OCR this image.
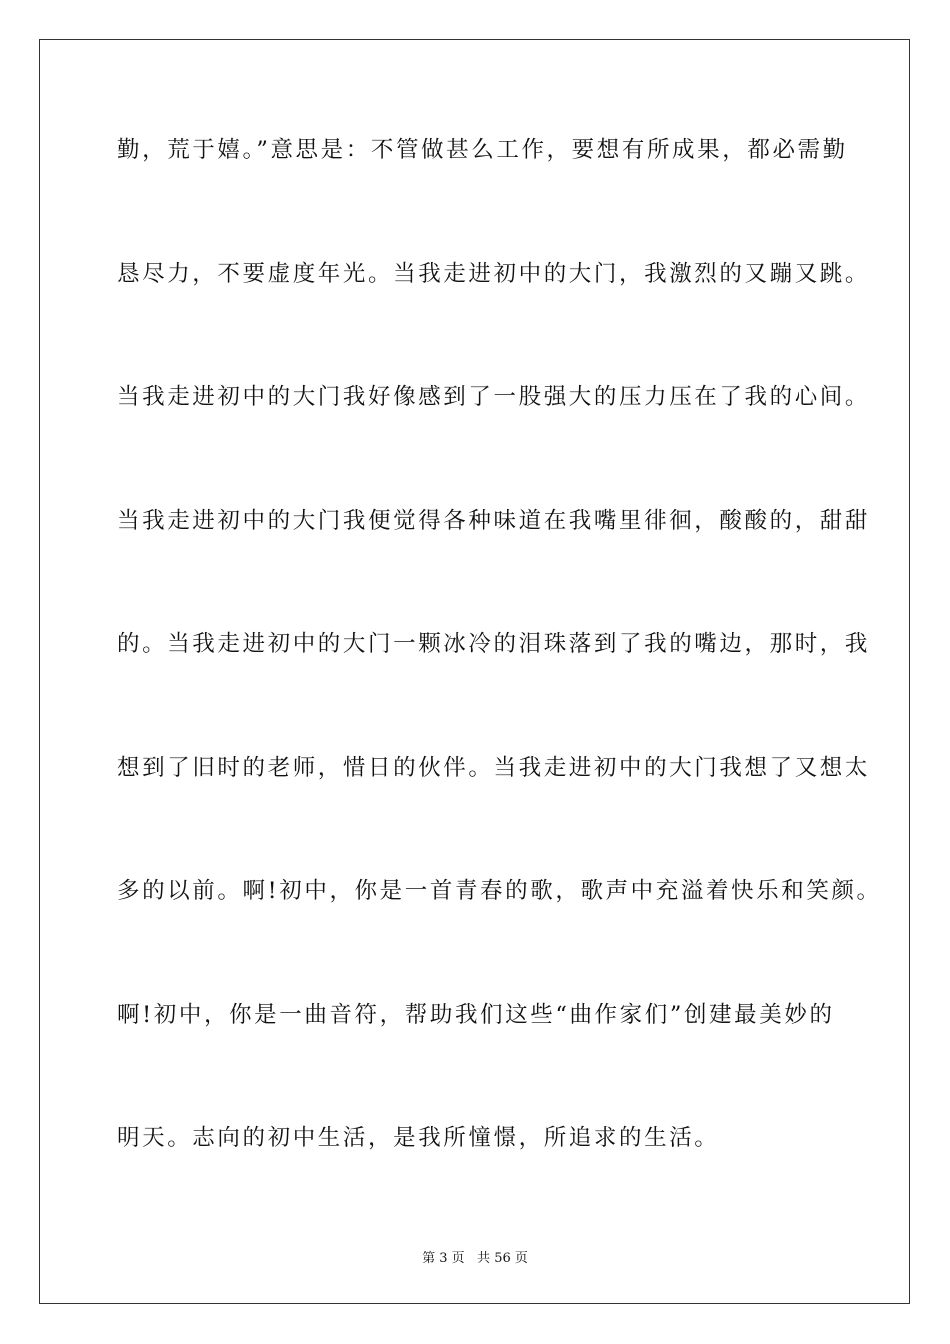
勤，荒于嬉。”意思是：不管做甚么工作，要想有所成果，都必需勤
恳尽力，不要虚度年光。当我走进初中的大门，我激烈的又蹦又跳。
当我走进初中的大门我好像感到了一股强大的压力压在了我的心间。
当我走进初中的大门我便觉得各种味道在我嘴里徘徊，酸酸的，甜甜
的。当我走进初中的大门一颗冰冷的泪珠落到了我的嘴边，那时，我
想到了旧时的老师，惜日的伙伴。当我走进初中的大门我想了又想太
多的以前。啊!初中，你是一首青春的歌，歌声中充溢着快乐和笑颜。
啊!初中，你是一曲音符，帮助我们这些“曲作家们”创建最美妙的
明天。志向的初中生活，是我所憧憬，所追求的生活。
第 3 页   共 56 页
